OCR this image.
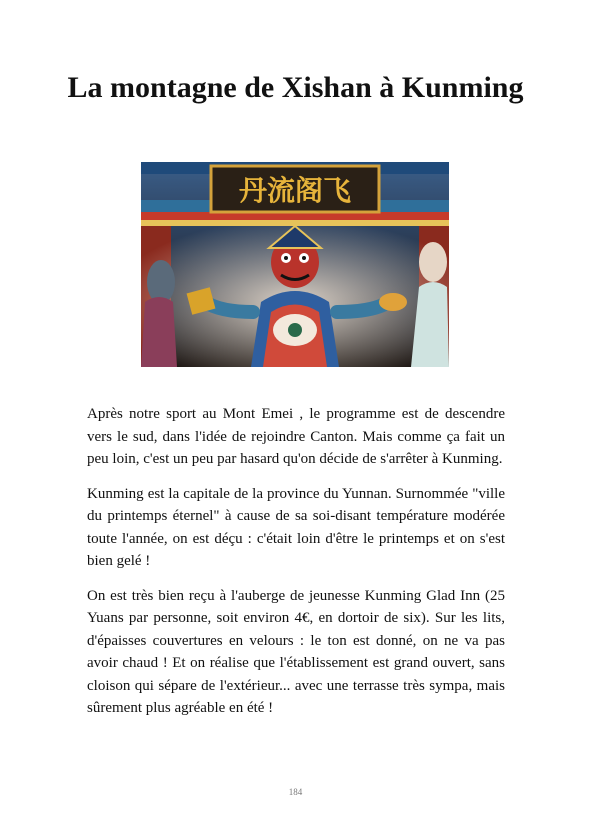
La montagne de Xishan à Kunming
丹流阁飞

Après notre sport au Mont Emei , le programme est de descendre vers le sud, dans l'idée de rejoindre Canton. Mais comme ça fait un peu loin, c'est un peu par hasard qu'on décide de s'arrêter à Kunming.

Kunming est la capitale de la province du Yunnan. Surnommée "ville du printemps éternel" à cause de sa soi-disant température modérée toute l'année, on est déçu : c'était loin d'être le printemps et on s'est bien gelé !

On est très bien reçu à l'auberge de jeunesse Kunming Glad Inn (25 Yuans par personne, soit environ 4€, en dortoir de six). Sur les lits, d'épaisses couvertures en velours : le ton est donné, on ne va pas avoir chaud ! Et on réalise que l'établissement est grand ouvert, sans cloison qui sépare de l'extérieur... avec une terrasse très sympa, mais sûrement plus agréable en été !

184
